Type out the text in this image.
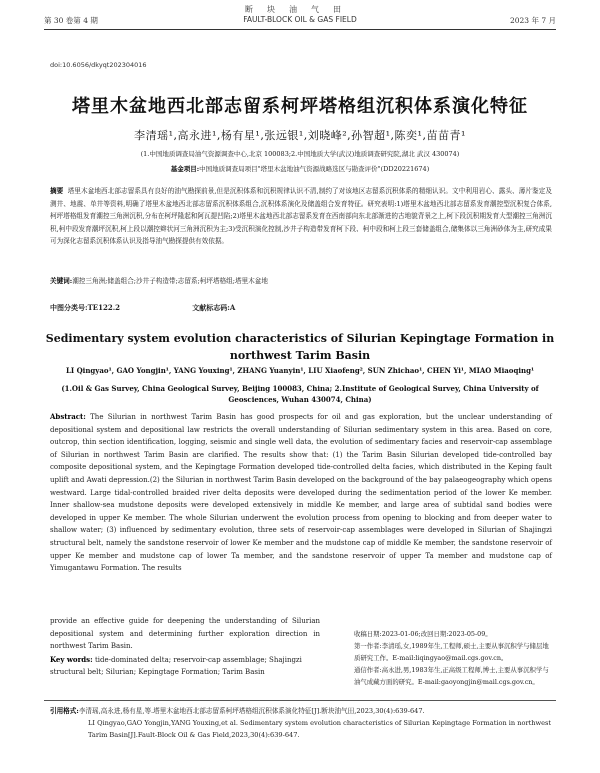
断块油气田
第 30 卷第 4 期	FAULT-BLOCK OIL & GAS FIELD	2023 年 7 月
doi:10.6056/dkyqt202304016
塔里木盆地西北部志留系柯坪塔格组沉积体系演化特征
李清瑶¹,高永进¹,杨有星¹,张远银¹,刘晓峰²,孙智超¹,陈奕¹,苗苗青¹
(1.中国地质调查局油气资源调查中心,北京 100083;2.中国地质大学(武汉)地质调查研究院,湖北 武汉 430074)
基金项目:中国地质调查局项目"塔里木盆地油气资源战略选区与勘查评价"(DD20221674)
摘要 塔里木盆地西北部志留系具有良好的油气勘探前景,但是沉积体系和沉积规律认识不清,制约了对该地区志留系沉积体系的精细认识。文中利用岩心、露头、薄片鉴定及测井、地震、单井等资料,明确了塔里木盆地西北部志留系沉积体系组合,沉积体系演化及储盖组合发育特征。研究表明:1)塔里木盆地西北部志留系发育潮控型沉积复合体系,柯坪塔格组发育潮控三角洲沉积,分布在柯坪隆起和阿瓦提凹陷;2)塔里木盆地西北部志留系发育在西南部向东北部渐进的古地貌背景之上,柯下段沉积期发育大型潮控三角洲沉积,柯中段发育潮坪沉积,柯上段以潮控辫状河三角洲沉积为主;3)受沉积演化控制,沙井子构造带发育柯下段、柯中段和柯上段三套储盖组合,储集体以三角洲砂体为主,研究成果可为深化志留系沉积体系认识及指导油气勘探提供有效依据。
关键词:潮控三角洲;储盖组合;沙井子构造带;志留系;柯坪塔格组;塔里木盆地
中图分类号:TE122.2	文献标志码:A
Sedimentary system evolution characteristics of Silurian Kepingtage Formation in
northwest Tarim Basin
LI Qingyao¹, GAO Yongjin¹, YANG Youxing¹, ZHANG Yuanyin¹, LIU Xiaofeng², SUN Zhichao¹, CHEN Yi¹, MIAO Miaoqing¹
(1.Oil & Gas Survey, China Geological Survey, Beijing 100083, China; 2.Institute of Geological Survey, China University of Geosciences, Wuhan 430074, China)
Abstract: The Silurian in northwest Tarim Basin has good prospects for oil and gas exploration, but the unclear understanding of depositional system and depositional law restricts the overall understanding of Silurian sedimentary system in this area. Based on core, outcrop, thin section identification, logging, seismic and single well data, the evolution of sedimentary facies and reservoir-cap assemblage of Silurian in northwest Tarim Basin are clarified. The results show that: (1) the Tarim Basin Silurian developed tide-controlled bay composite depositional system, and the Kepingtage Formation developed tide-controlled delta facies, which distributed in the Keping fault uplift and Awati depression.(2) the Silurian in northwest Tarim Basin developed on the background of the bay palaeogeography which opens westward. Large tidal-controlled braided river delta deposits were developed during the sedimentation period of the lower Ke member. Inner shallow-sea mudstone deposits were developed extensively in middle Ke member, and large area of subtidal sand bodies were developed in upper Ke member. The whole Silurian underwent the evolution process from opening to blocking and from deeper water to shallow water; (3) influenced by sedimentary evolution, three sets of reservoir-cap assemblages were developed in Silurian of Shajingzi structural belt, namely the sandstone reservoir of lower Ke member and the mudstone cap of middle Ke member, the sandstone reservoir of upper Ke member and mudstone cap of lower Ta member, and the sandstone reservoir of upper Ta member and mudstone cap of Yimugantawu Formation. The results
provide an effective guide for deepening the understanding of Silurian depositional system and determining further exploration direction in northwest Tarim Basin.
Key words: tide-dominated delta; reservoir-cap assemblage; Shajingzi structural belt; Silurian; Kepingtage Formation; Tarim Basin
收稿日期:2023-01-06;改回日期:2023-05-09。
第一作者:李清瑶,女,1989年生,工程师,硕士,主要从事沉积学与储层地质研究工作。E-mail:liqingyao@mail.cgs.gov.cn。
通信作者:高永进,男,1983年生,正高级工程师,博士,主要从事沉积学与油气成藏方面的研究。E-mail:gaoyongjin@mail.cgs.gov.cn。
引用格式:李清瑶,高永进,杨有星,等.塔里木盆地西北部志留系柯坪塔格组沉积体系演化特征[J].断块油气田,2023,30(4):639-647.
LI Qingyao,GAO Yongjin,YANG Youxing,et al. Sedimentary system evolution characteristics of Silurian Kepingtage Formation in northwest Tarim Basin[J].Fault-Block Oil & Gas Field,2023,30(4):639-647.
